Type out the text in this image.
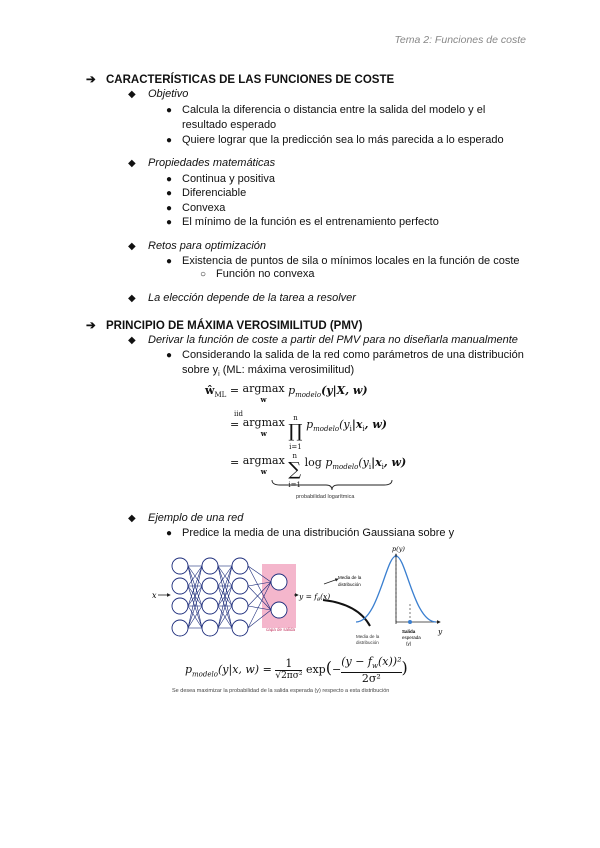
Tema 2: Funciones de coste
➔ CARACTERÍSTICAS DE LAS FUNCIONES DE COSTE
◆ Objetivo
● Calcula la diferencia o distancia entre la salida del modelo y el resultado esperado
● Quiere lograr que la predicción sea lo más parecida a lo esperado
◆ Propiedades matemáticas
● Continua y positiva
● Diferenciable
● Convexa
● El mínimo de la función es el entrenamiento perfecto
◆ Retos para optimización
● Existencia de puntos de sila o mínimos locales en la función de coste
○ Función no convexa
◆ La elección depende de la tarea a resolver
➔ PRINCIPIO DE MÁXIMA VEROSIMILITUD (PMV)
◆ Derivar la función de coste a partir del PMV para no diseñarla manualmente
● Considerando la salida de la red como parámetros de una distribución
sobre $y_i$ (ML: máxima verosimilitud)
$ŵ_{ML} = argmax$
w $p_{modelo}(y|X$, w)
iid
= argmax
w n
∏
i=1 $p_{modelo}(y_i|x_i$, w)
= argmax
w n
∑
i=1 $\log p_{modelo}(y_i|x_i$, w)
probabilidad logarítmica
◆ Ejemplo de una red
● Predice la media de una distribución Gaussiana sobre y
x	$y = f_\theta(x)$
capa de salida
Media de la
distribución
p(y)
y
Media de la
distribución
Salida
esperada
(y)
$p_{modelo}(y|x$, w) = 1
√2πσ² $\exp(-\frac{(y - f_w(x))^2}{\text{2σ²}})$
Se desea maximizar la probabilidad de la salida esperada (y) respecto a esta distribución
